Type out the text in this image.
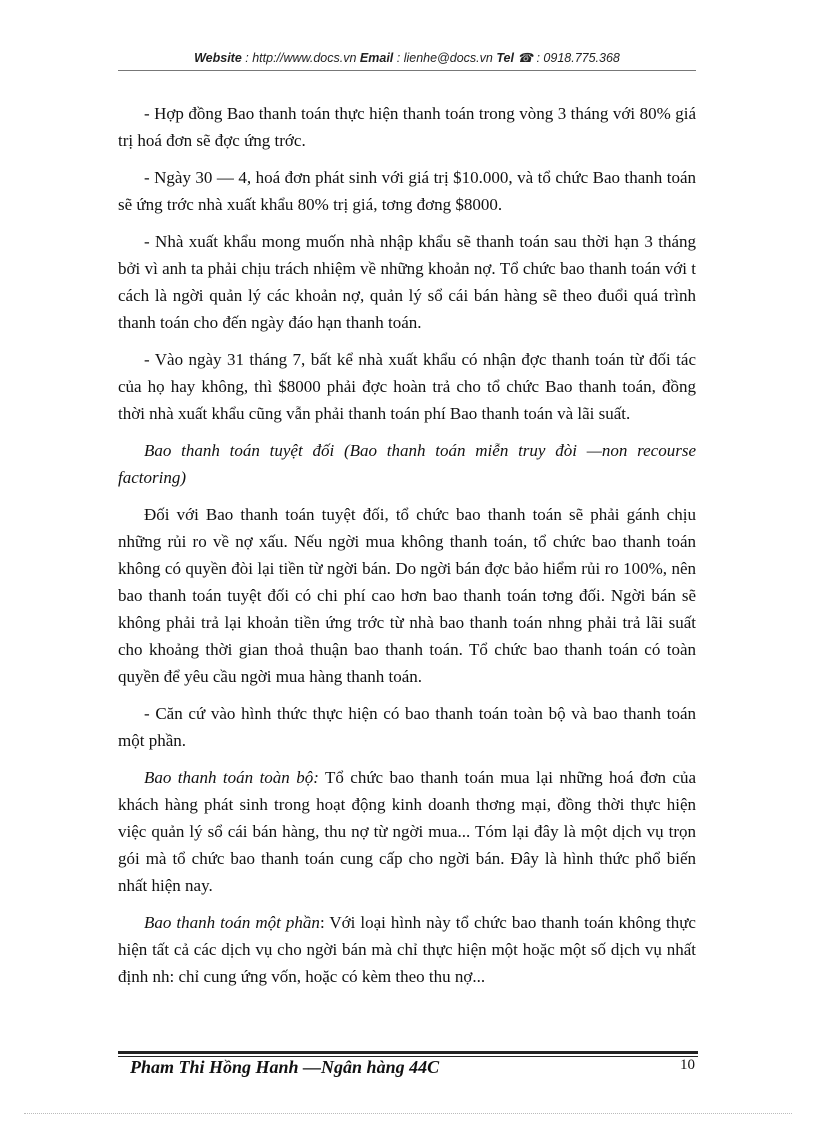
Website : http://www.docs.vn Email : lienhe@docs.vn Tel ☎ : 0918.775.368

- Hợp đồng Bao thanh toán thực hiện thanh toán trong vòng 3 tháng với 80% giá trị hoá đơn sẽ đợc ứng trớc.

- Ngày 30 — 4, hoá đơn phát sinh với giá trị $10.000, và tổ chức Bao thanh toán sẽ ứng trớc nhà xuất khẩu 80% trị giá, tơng đơng $8000.

- Nhà xuất khẩu mong muốn nhà nhập khẩu sẽ thanh toán sau thời hạn 3 tháng bởi vì anh ta phải chịu trách nhiệm về những khoản nợ. Tổ chức bao thanh toán với t cách là ngời quản lý các khoản nợ, quản lý sổ cái bán hàng sẽ theo đuổi quá trình thanh toán cho đến ngày đáo hạn thanh toán.

- Vào ngày 31 tháng 7, bất kể nhà xuất khẩu có nhận đợc thanh toán từ đối tác của họ hay không, thì $8000 phải đợc hoàn trả cho tổ chức Bao thanh toán, đồng thời nhà xuất khẩu cũng vẫn phải thanh toán phí Bao thanh toán và lãi suất.

Bao thanh toán tuyệt đối (Bao thanh toán miễn truy đòi —non recourse factoring)

Đối với Bao thanh toán tuyệt đối, tổ chức bao thanh toán sẽ phải gánh chịu những rủi ro về nợ xấu. Nếu ngời mua không thanh toán, tổ chức bao thanh toán không có quyền đòi lại tiền từ ngời bán. Do ngời bán đợc bảo hiểm rủi ro 100%, nên bao thanh toán tuyệt đối có chi phí cao hơn bao thanh toán tơng đối. Ngời bán sẽ không phải trả lại khoản tiền ứng trớc từ nhà bao thanh toán nhng phải trả lãi suất cho khoảng thời gian thoả thuận bao thanh toán. Tổ chức bao thanh toán có toàn quyền để yêu cầu ngời mua hàng thanh toán.

- Căn cứ vào hình thức thực hiện có bao thanh toán toàn bộ và bao thanh toán một phần.

Bao thanh toán toàn bộ: Tổ chức bao thanh toán mua lại những hoá đơn của khách hàng phát sinh trong hoạt động kinh doanh thơng mại, đồng thời thực hiện việc quản lý sổ cái bán hàng, thu nợ từ ngời mua... Tóm lại đây là một dịch vụ trọn gói mà tổ chức bao thanh toán cung cấp cho ngời bán. Đây là hình thức phổ biến nhất hiện nay.

Bao thanh toán một phần: Với loại hình này tổ chức bao thanh toán không thực hiện tất cả các dịch vụ cho ngời bán mà chỉ thực hiện một hoặc một số dịch vụ nhất định nh: chỉ cung ứng vốn, hoặc có kèm theo thu nợ...

Pham Thi Hồng Hanh —Ngân hàng 44C	10
